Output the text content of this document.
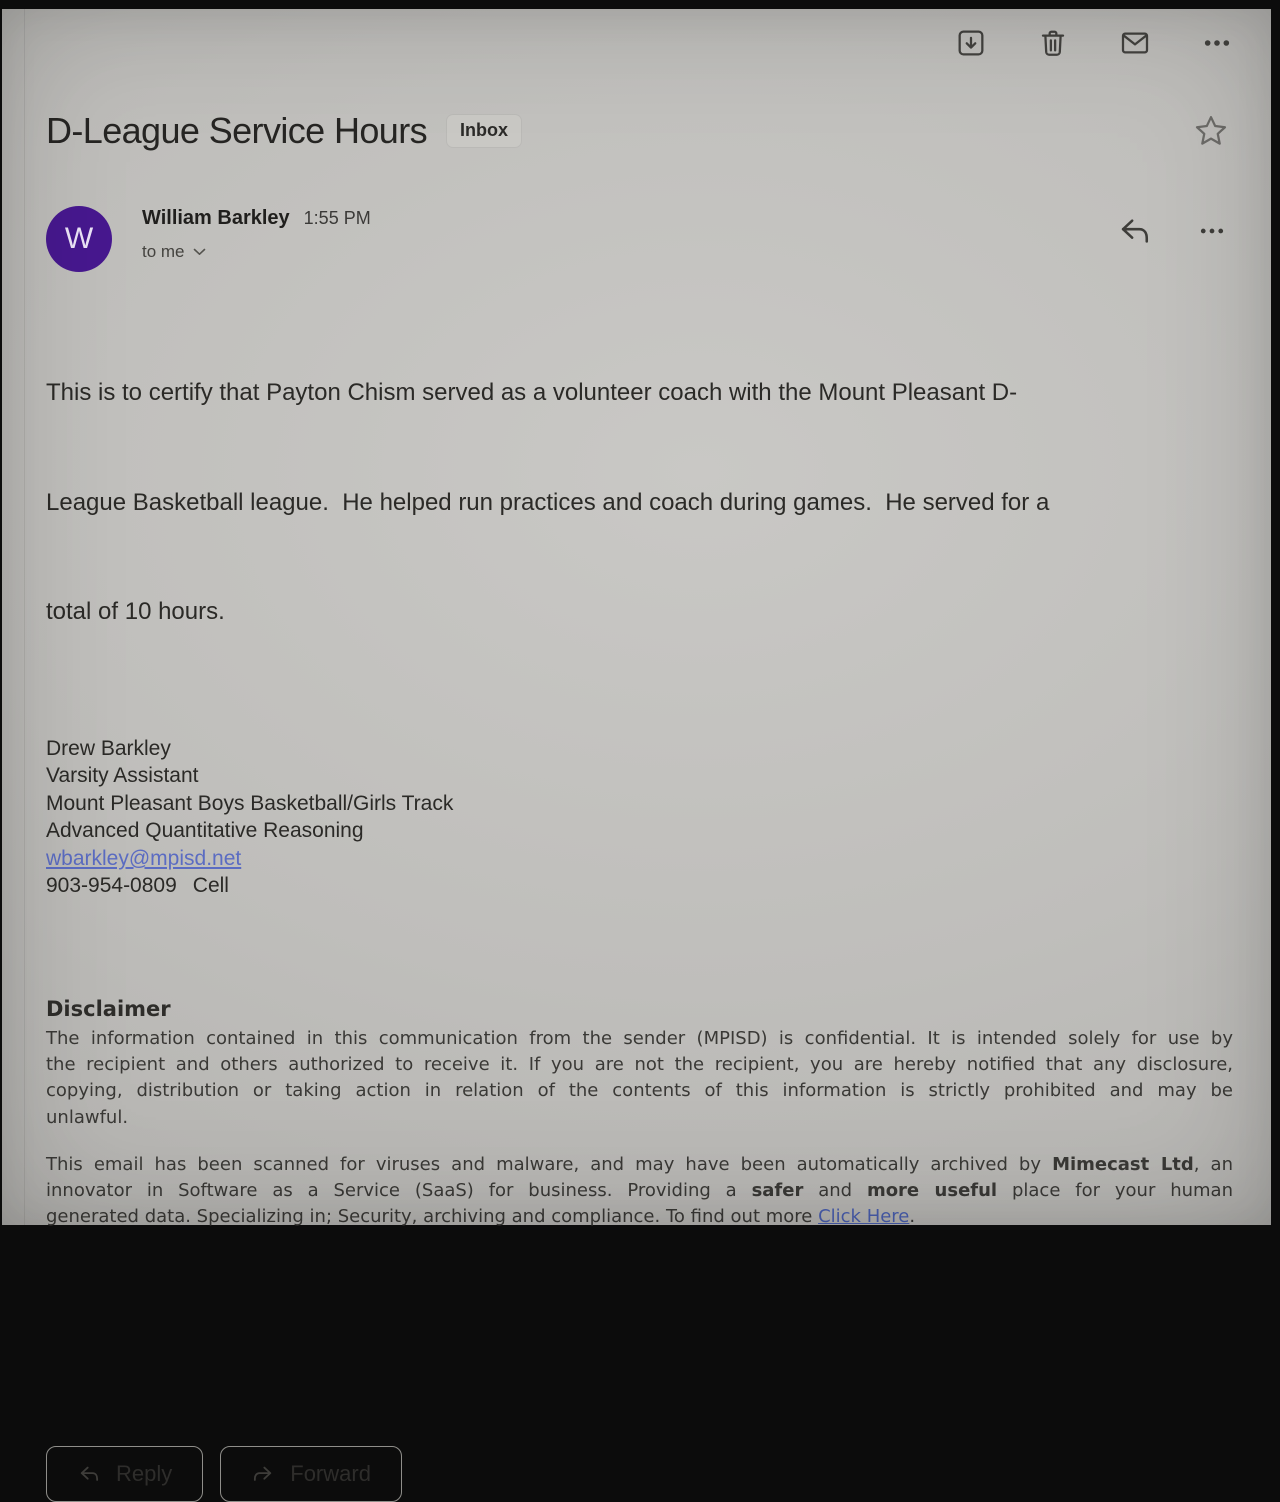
D-League Service Hours	Inbox
W
William Barkley 1:55 PM
to me

This is to certify that Payton Chism served as a volunteer coach with the Mount Pleasant D-

League Basketball league.  He helped run practices and coach during games.  He served for a

total of 10 hours.

Drew Barkley
Varsity Assistant
Mount Pleasant Boys Basketball/Girls Track
Advanced Quantitative Reasoning
wbarkley@mpisd.net
903-954-0809 Cell
Disclaimer
The information contained in this communication from the sender (MPISD) is confidential. It is intended solely for use by
the recipient and others authorized to receive it. If you are not the recipient, you are hereby notified that any disclosure,
copying, distribution or taking action in relation of the contents of this information is strictly prohibited and may be
unlawful.
This email has been scanned for viruses and malware, and may have been automatically archived by Mimecast Ltd, an
innovator in Software as a Service (SaaS) for business. Providing a safer and more useful place for your human
generated data. Specializing in; Security, archiving and compliance. To find out more Click Here.
Reply	Forward
